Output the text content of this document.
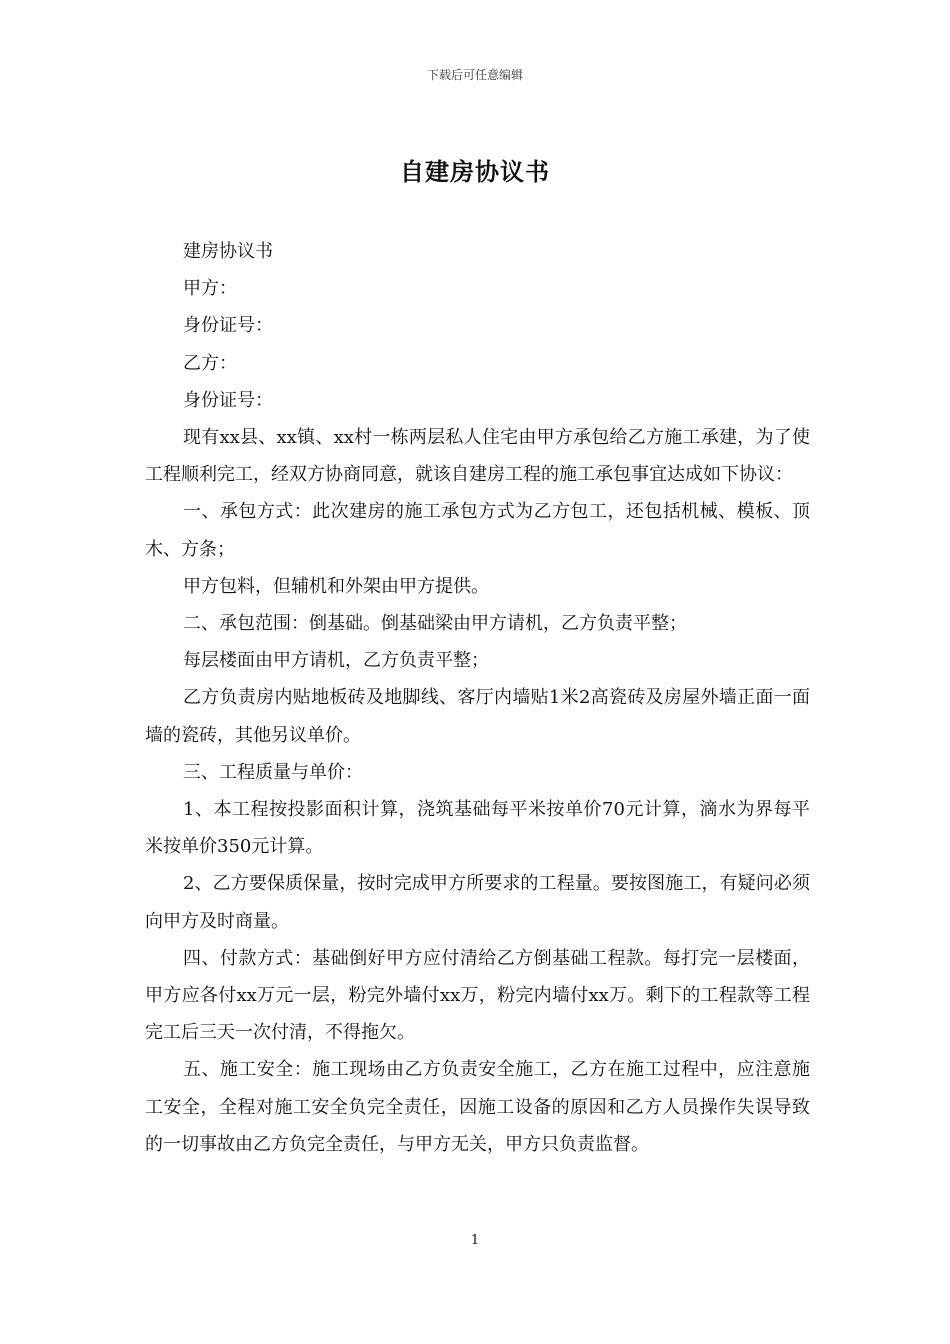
下载后可任意编辑
自建房协议书

建房协议书

甲方：

身份证号：

乙方：

身份证号：

现有xx县、xx镇、xx村一栋两层私人住宅由甲方承包给乙方施工承建，为了使工程顺利完工，经双方协商同意，就该自建房工程的施工承包事宜达成如下协议：

一、承包方式：此次建房的施工承包方式为乙方包工，还包括机械、模板、顶木、方条；

甲方包料，但辅机和外架由甲方提供。

二、承包范围：倒基础。倒基础梁由甲方请机，乙方负责平整；

每层楼面由甲方请机，乙方负责平整；

乙方负责房内贴地板砖及地脚线、客厅内墙贴1米2高瓷砖及房屋外墙正面一面墙的瓷砖，其他另议单价。

三、工程质量与单价：

1、本工程按投影面积计算，浇筑基础每平米按单价70元计算，滴水为界每平米按单价350元计算。

2、乙方要保质保量，按时完成甲方所要求的工程量。要按图施工，有疑问必须向甲方及时商量。

四、付款方式：基础倒好甲方应付清给乙方倒基础工程款。每打完一层楼面，甲方应各付xx万元一层，粉完外墙付xx万，粉完内墙付xx万。剩下的工程款等工程完工后三天一次付清，不得拖欠。

五、施工安全：施工现场由乙方负责安全施工，乙方在施工过程中，应注意施工安全，全程对施工安全负完全责任，因施工设备的原因和乙方人员操作失误导致的一切事故由乙方负完全责任，与甲方无关，甲方只负责监督。

1
